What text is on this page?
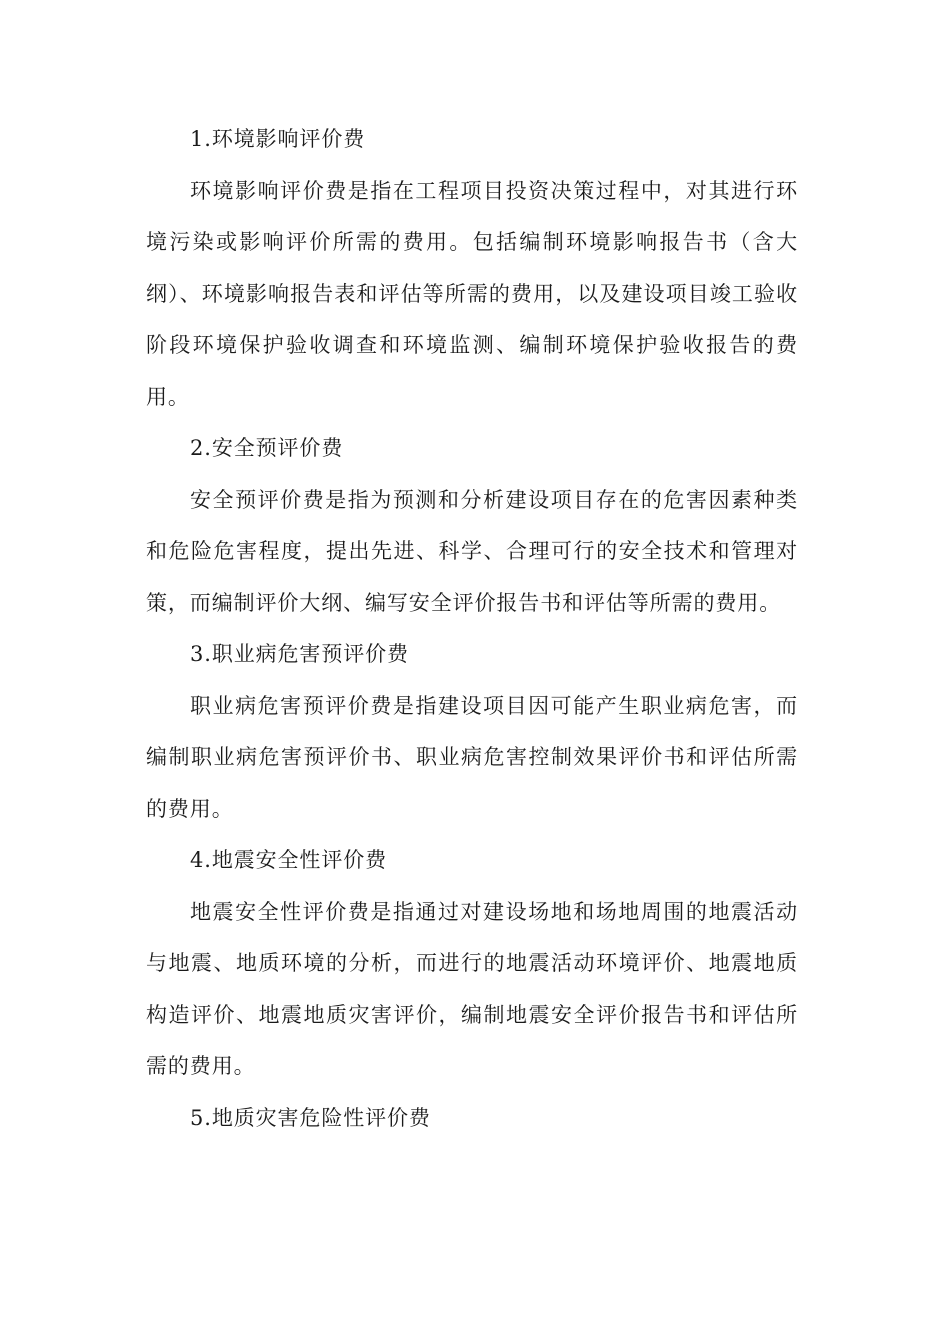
1.环境影响评价费

环境影响评价费是指在工程项目投资决策过程中，对其进行环境污染或影响评价所需的费用。包括编制环境影响报告书（含大纲）、环境影响报告表和评估等所需的费用，以及建设项目竣工验收阶段环境保护验收调查和环境监测、编制环境保护验收报告的费用。

2.安全预评价费

安全预评价费是指为预测和分析建设项目存在的危害因素种类和危险危害程度，提出先进、科学、合理可行的安全技术和管理对策，而编制评价大纲、编写安全评价报告书和评估等所需的费用。

3.职业病危害预评价费

职业病危害预评价费是指建设项目因可能产生职业病危害，而编制职业病危害预评价书、职业病危害控制效果评价书和评估所需的费用。

4.地震安全性评价费

地震安全性评价费是指通过对建设场地和场地周围的地震活动与地震、地质环境的分析，而进行的地震活动环境评价、地震地质构造评价、地震地质灾害评价，编制地震安全评价报告书和评估所需的费用。

5.地质灾害危险性评价费
